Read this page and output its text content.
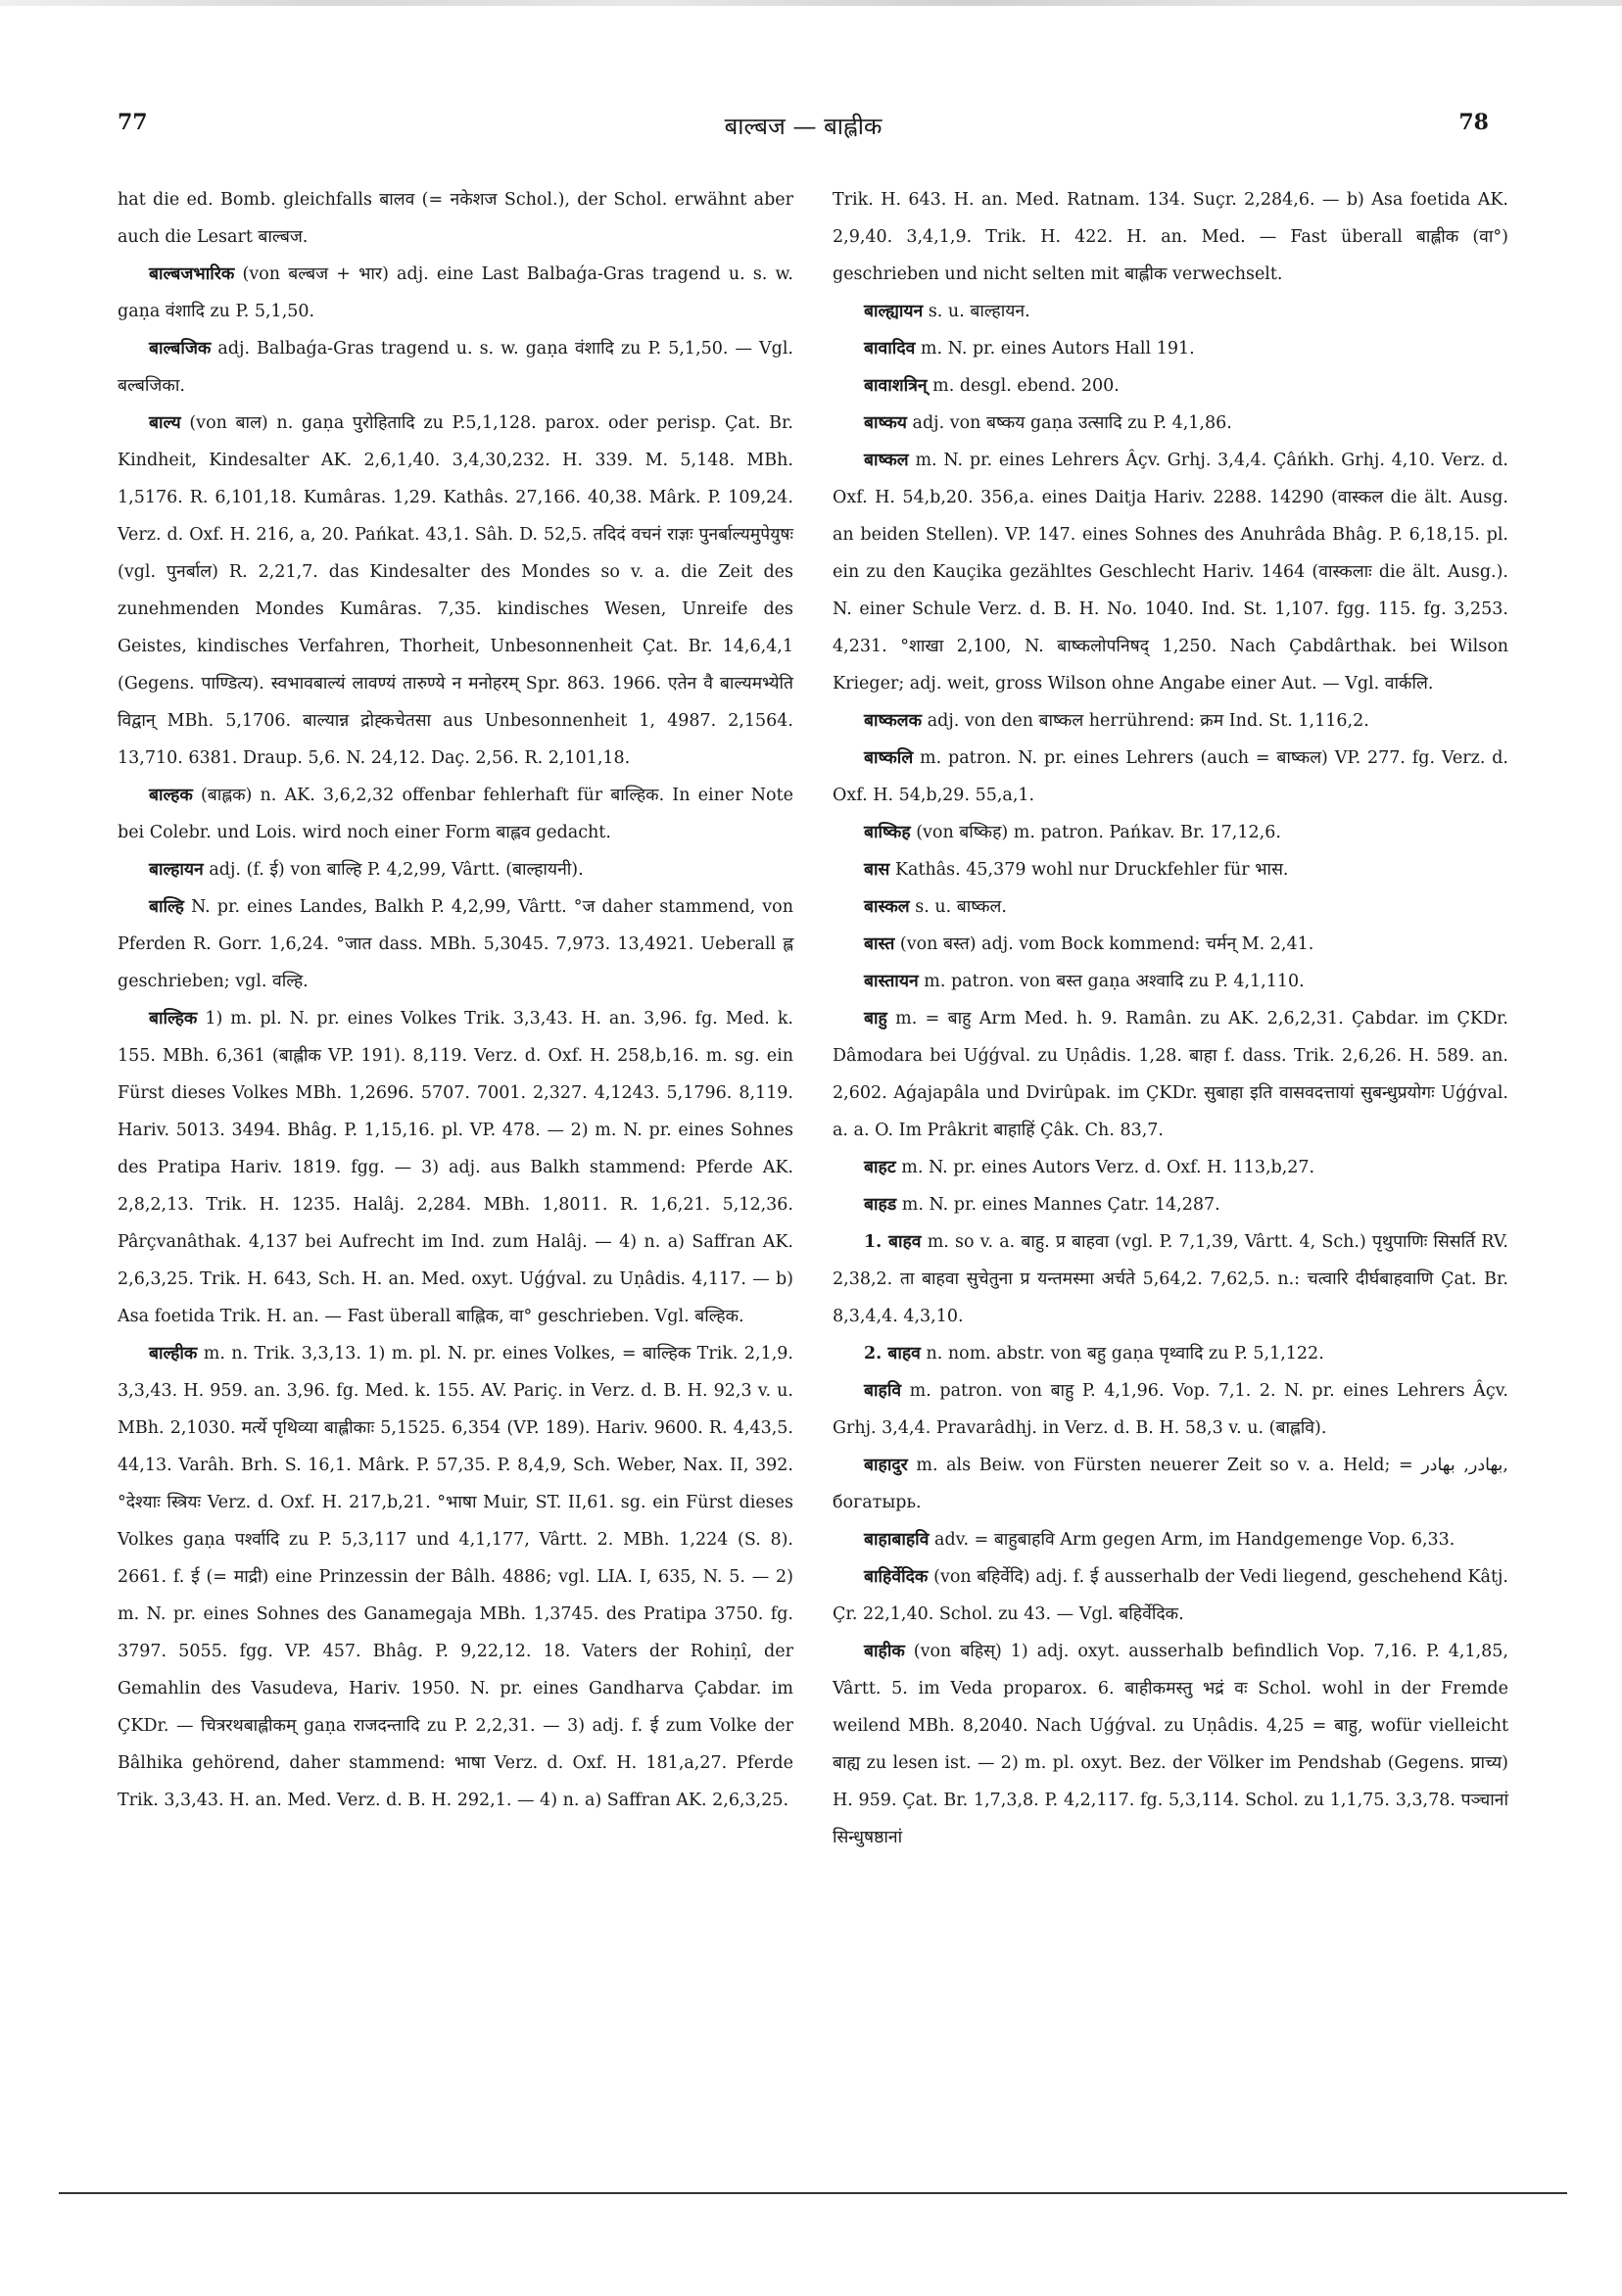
77	बाल्बज — बाह्लीक	78

hat die ed. Bomb. gleichfalls बालव (= नकेशज Schol.), der Schol. erwähnt aber auch die Lesart बाल्बज.

बाल्बजभारिक (von बल्बज + भार) adj. eine Last Balbaǵa-Gras tragend u. s. w. gaṇa वंशादि zu P. 5,1,50.

बाल्बजिक adj. Balbaǵa-Gras tragend u. s. w. gaṇa वंशादि zu P. 5,1,50. — Vgl. बल्बजिका.

बाल्य (von बाल) n. gaṇa पुरोहितादि zu P.5,1,128. parox. oder perisp. Çat. Br. Kindheit, Kindesalter AK. 2,6,1,40. 3,4,30,232. H. 339. M. 5,148. MBh. 1,5176. R. 6,101,18. Kumâras. 1,29. Kathâs. 27,166. 40,38. Mârk. P. 109,24. Verz. d. Oxf. H. 216, a, 20. Pańkat. 43,1. Sâh. D. 52,5. तदिदं वचनं राज्ञः पुनर्बाल्यमुपेयुषः (vgl. पुनर्बाल) R. 2,21,7. das Kindesalter des Mondes so v. a. die Zeit des zunehmenden Mondes Kumâras. 7,35. kindisches Wesen, Unreife des Geistes, kindisches Verfahren, Thorheit, Unbesonnenheit Çat. Br. 14,6,4,1 (Gegens. पाण्डित्य). स्वभावबाल्यं लावण्यं तारुण्ये न मनोहरम् Spr. 863. 1966. एतेन वै बाल्यमभ्येति विद्वान् MBh. 5,1706. बाल्यान्न द्रोह्कचेतसा aus Unbesonnenheit 1, 4987. 2,1564. 13,710. 6381. Draup. 5,6. N. 24,12. Daç. 2,56. R. 2,101,18.

बाल्हक (बाह्लक) n. AK. 3,6,2,32 offenbar fehlerhaft für बाल्हिक. In einer Note bei Colebr. und Lois. wird noch einer Form बाह्लव gedacht.

बाल्हायन adj. (f. ई) von बाल्हि P. 4,2,99, Vârtt. (बाल्हायनी).

बाल्हि N. pr. eines Landes, Balkh P. 4,2,99, Vârtt. °ज daher stammend, von Pferden R. Gorr. 1,6,24. °जात dass. MBh. 5,3045. 7,973. 13,4921. Ueberall ह्ल geschrieben; vgl. वल्हि.

बाल्हिक 1) m. pl. N. pr. eines Volkes Trik. 3,3,43. H. an. 3,96. fg. Med. k. 155. MBh. 6,361 (बाह्लीक VP. 191). 8,119. Verz. d. Oxf. H. 258,b,16. m. sg. ein Fürst dieses Volkes MBh. 1,2696. 5707. 7001. 2,327. 4,1243. 5,1796. 8,119. Hariv. 5013. 3494. Bhâg. P. 1,15,16. pl. VP. 478. — 2) m. N. pr. eines Sohnes des Pratipa Hariv. 1819. fgg. — 3) adj. aus Balkh stammend: Pferde AK. 2,8,2,13. Trik. H. 1235. Halâj. 2,284. MBh. 1,8011. R. 1,6,21. 5,12,36. Pârçvanâthak. 4,137 bei Aufrecht im Ind. zum Halâj. — 4) n. a) Saffran AK. 2,6,3,25. Trik. H. 643, Sch. H. an. Med. oxyt. Uǵǵval. zu Uṇâdis. 4,117. — b) Asa foetida Trik. H. an. — Fast überall बाह्लिक, वा° geschrieben. Vgl. बल्हिक.

बाल्हीक m. n. Trik. 3,3,13. 1) m. pl. N. pr. eines Volkes, = बाल्हिक Trik. 2,1,9. 3,3,43. H. 959. an. 3,96. fg. Med. k. 155. AV. Pariç. in Verz. d. B. H. 92,3 v. u. MBh. 2,1030. मर्त्ये पृथिव्या बाह्लीकाः 5,1525. 6,354 (VP. 189). Hariv. 9600. R. 4,43,5. 44,13. Varâh. Brh. S. 16,1. Mârk. P. 57,35. P. 8,4,9, Sch. Weber, Nax. II, 392. °देश्याः स्त्रियः Verz. d. Oxf. H. 217,b,21. °भाषा Muir, ST. II,61. sg. ein Fürst dieses Volkes gaṇa पर्श्वादि zu P. 5,3,117 und 4,1,177, Vârtt. 2. MBh. 1,224 (S. 8). 2661. f. ई (= माद्री) eine Prinzessin der Bâlh. 4886; vgl. LIA. I, 635, N. 5. — 2) m. N. pr. eines Sohnes des Ganamegaja MBh. 1,3745. des Pratipa 3750. fg. 3797. 5055. fgg. VP. 457. Bhâg. P. 9,22,12. 18. Vaters der Rohiṇî, der Gemahlin des Vasudeva, Hariv. 1950. N. pr. eines Gandharva Çabdar. im ÇKDr. — चित्ररथबाह्लीकम् gaṇa राजदन्तादि zu P. 2,2,31. — 3) adj. f. ई zum Volke der Bâlhika gehörend, daher stammend: भाषा Verz. d. Oxf. H. 181,a,27. Pferde Trik. 3,3,43. H. an. Med. Verz. d. B. H. 292,1. — 4) n. a) Saffran AK. 2,6,3,25.

Trik. H. 643. H. an. Med. Ratnam. 134. Suçr. 2,284,6. — b) Asa foetida AK. 2,9,40. 3,4,1,9. Trik. H. 422. H. an. Med. — Fast überall बाह्लीक (वा°) geschrieben und nicht selten mit बाह्लीक verwechselt.

बाल्ह्यायन s. u. बाल्हायन.

बावादिव m. N. pr. eines Autors Hall 191.

बावाशत्रिन् m. desgl. ebend. 200.

बाष्कय adj. von बष्कय gaṇa उत्सादि zu P. 4,1,86.

बाष्कल m. N. pr. eines Lehrers Âçv. Grhj. 3,4,4. Çâńkh. Grhj. 4,10. Verz. d. Oxf. H. 54,b,20. 356,a. eines Daitja Hariv. 2288. 14290 (वास्कल die ält. Ausg. an beiden Stellen). VP. 147. eines Sohnes des Anuhrâda Bhâg. P. 6,18,15. pl. ein zu den Kauçika gezähltes Geschlecht Hariv. 1464 (वास्कलाः die ält. Ausg.). N. einer Schule Verz. d. B. H. No. 1040. Ind. St. 1,107. fgg. 115. fg. 3,253. 4,231. °शाखा 2,100, N. बाष्कलोपनिषद् 1,250. Nach Çabdârthak. bei Wilson Krieger; adj. weit, gross Wilson ohne Angabe einer Aut. — Vgl. वार्कलि.

बाष्कलक adj. von den बाष्कल herrührend: क्रम Ind. St. 1,116,2.

बाष्कलि m. patron. N. pr. eines Lehrers (auch = बाष्कल) VP. 277. fg. Verz. d. Oxf. H. 54,b,29. 55,a,1.

बाष्किह (von बष्किह) m. patron. Pańkav. Br. 17,12,6.

बास Kathâs. 45,379 wohl nur Druckfehler für भास.

बास्कल s. u. बाष्कल.

बास्त (von बस्त) adj. vom Bock kommend: चर्मन् M. 2,41.

बास्तायन m. patron. von बस्त gaṇa अश्वादि zu P. 4,1,110.

बाहु m. = बाहु Arm Med. h. 9. Ramân. zu AK. 2,6,2,31. Çabdar. im ÇKDr. Dâmodara bei Uǵǵval. zu Uṇâdis. 1,28. बाहा f. dass. Trik. 2,6,26. H. 589. an. 2,602. Aǵajapâla und Dvirûpak. im ÇKDr. सुबाहा इति वासवदत्तायां सुबन्धुप्रयोगः Uǵǵval. a. a. O. Im Prâkrit बाहाहिं Çâk. Ch. 83,7.

बाहट m. N. pr. eines Autors Verz. d. Oxf. H. 113,b,27.

बाहड m. N. pr. eines Mannes Çatr. 14,287.

1. बाहव m. so v. a. बाहु. प्र बाहवा (vgl. P. 7,1,39, Vârtt. 4, Sch.) पृथुपाणिः सिसर्ति RV. 2,38,2. ता बाहवा सुचेतुना प्र यन्तमस्मा अर्चते 5,64,2. 7,62,5. n.: चत्वारि दीर्घबाहवाणि Çat. Br. 8,3,4,4. 4,3,10.

2. बाहव n. nom. abstr. von बहु gaṇa पृथ्वादि zu P. 5,1,122.

बाहवि m. patron. von बाहु P. 4,1,96. Vop. 7,1. 2. N. pr. eines Lehrers Âçv. Grhj. 3,4,4. Pravarâdhj. in Verz. d. B. H. 58,3 v. u. (बाह्लवि).

बाहादुर m. als Beiw. von Fürsten neuerer Zeit so v. a. Held; = بهادر, بهادر, богатырь.

बाहाबाहवि adv. = बाहुबाहवि Arm gegen Arm, im Handgemenge Vop. 6,33.

बाहिर्वेदिक (von बहिर्वेदि) adj. f. ई ausserhalb der Vedi liegend, geschehend Kâtj. Çr. 22,1,40. Schol. zu 43. — Vgl. बहिर्वेदिक.

बाहीक (von बहिस्) 1) adj. oxyt. ausserhalb befindlich Vop. 7,16. P. 4,1,85, Vârtt. 5. im Veda proparox. 6. बाहीकमस्तु भद्रं वः Schol. wohl in der Fremde weilend MBh. 8,2040. Nach Uǵǵval. zu Uṇâdis. 4,25 = बाहु, wofür vielleicht बाह्य zu lesen ist. — 2) m. pl. oxyt. Bez. der Völker im Pendshab (Gegens. प्राच्य) H. 959. Çat. Br. 1,7,3,8. P. 4,2,117. fg. 5,3,114. Schol. zu 1,1,75. 3,3,78. पञ्चानां सिन्धुषष्ठानां
